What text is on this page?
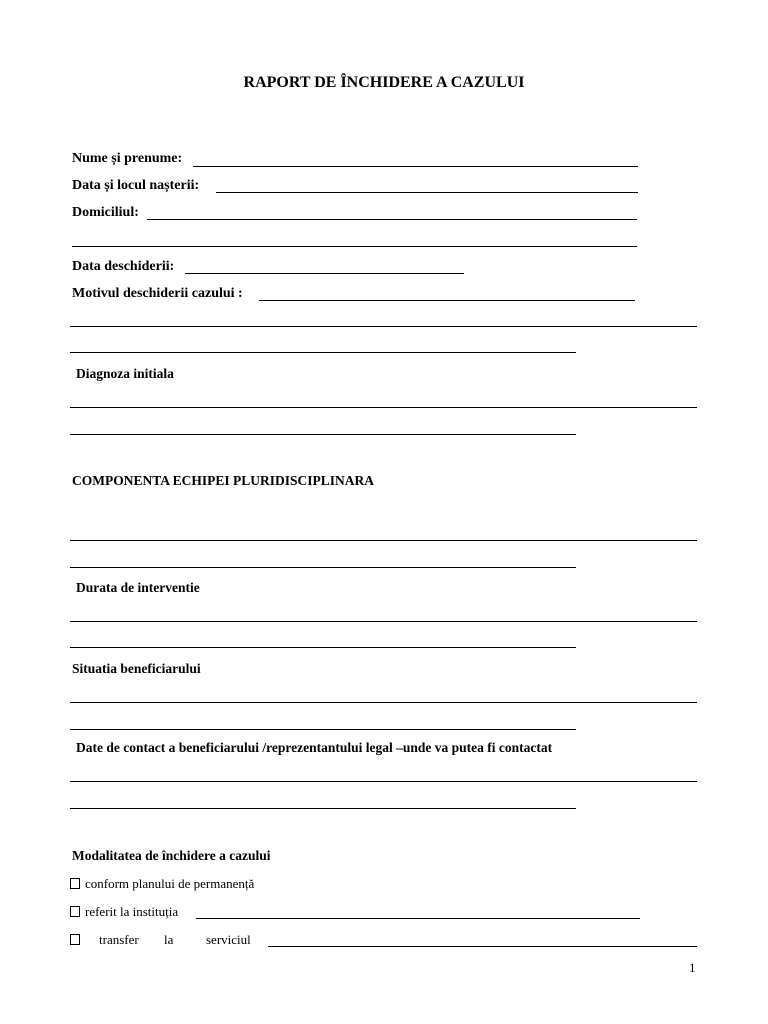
RAPORT DE ÎNCHIDERE A CAZULUI
Nume și prenume:
Data și locul nașterii:
Domiciliul:
Data deschiderii:
Motivul deschiderii cazului :
Diagnoza initiala
COMPONENTA ECHIPEI PLURIDISCIPLINARA
Durata de interventie
Situatia beneficiarului
Date de contact a beneficiarului /reprezentantului legal –unde va putea fi contactat
Modalitatea de închidere a cazului
conform planului de permanență
referit la instituția
transfer la	serviciul
1
